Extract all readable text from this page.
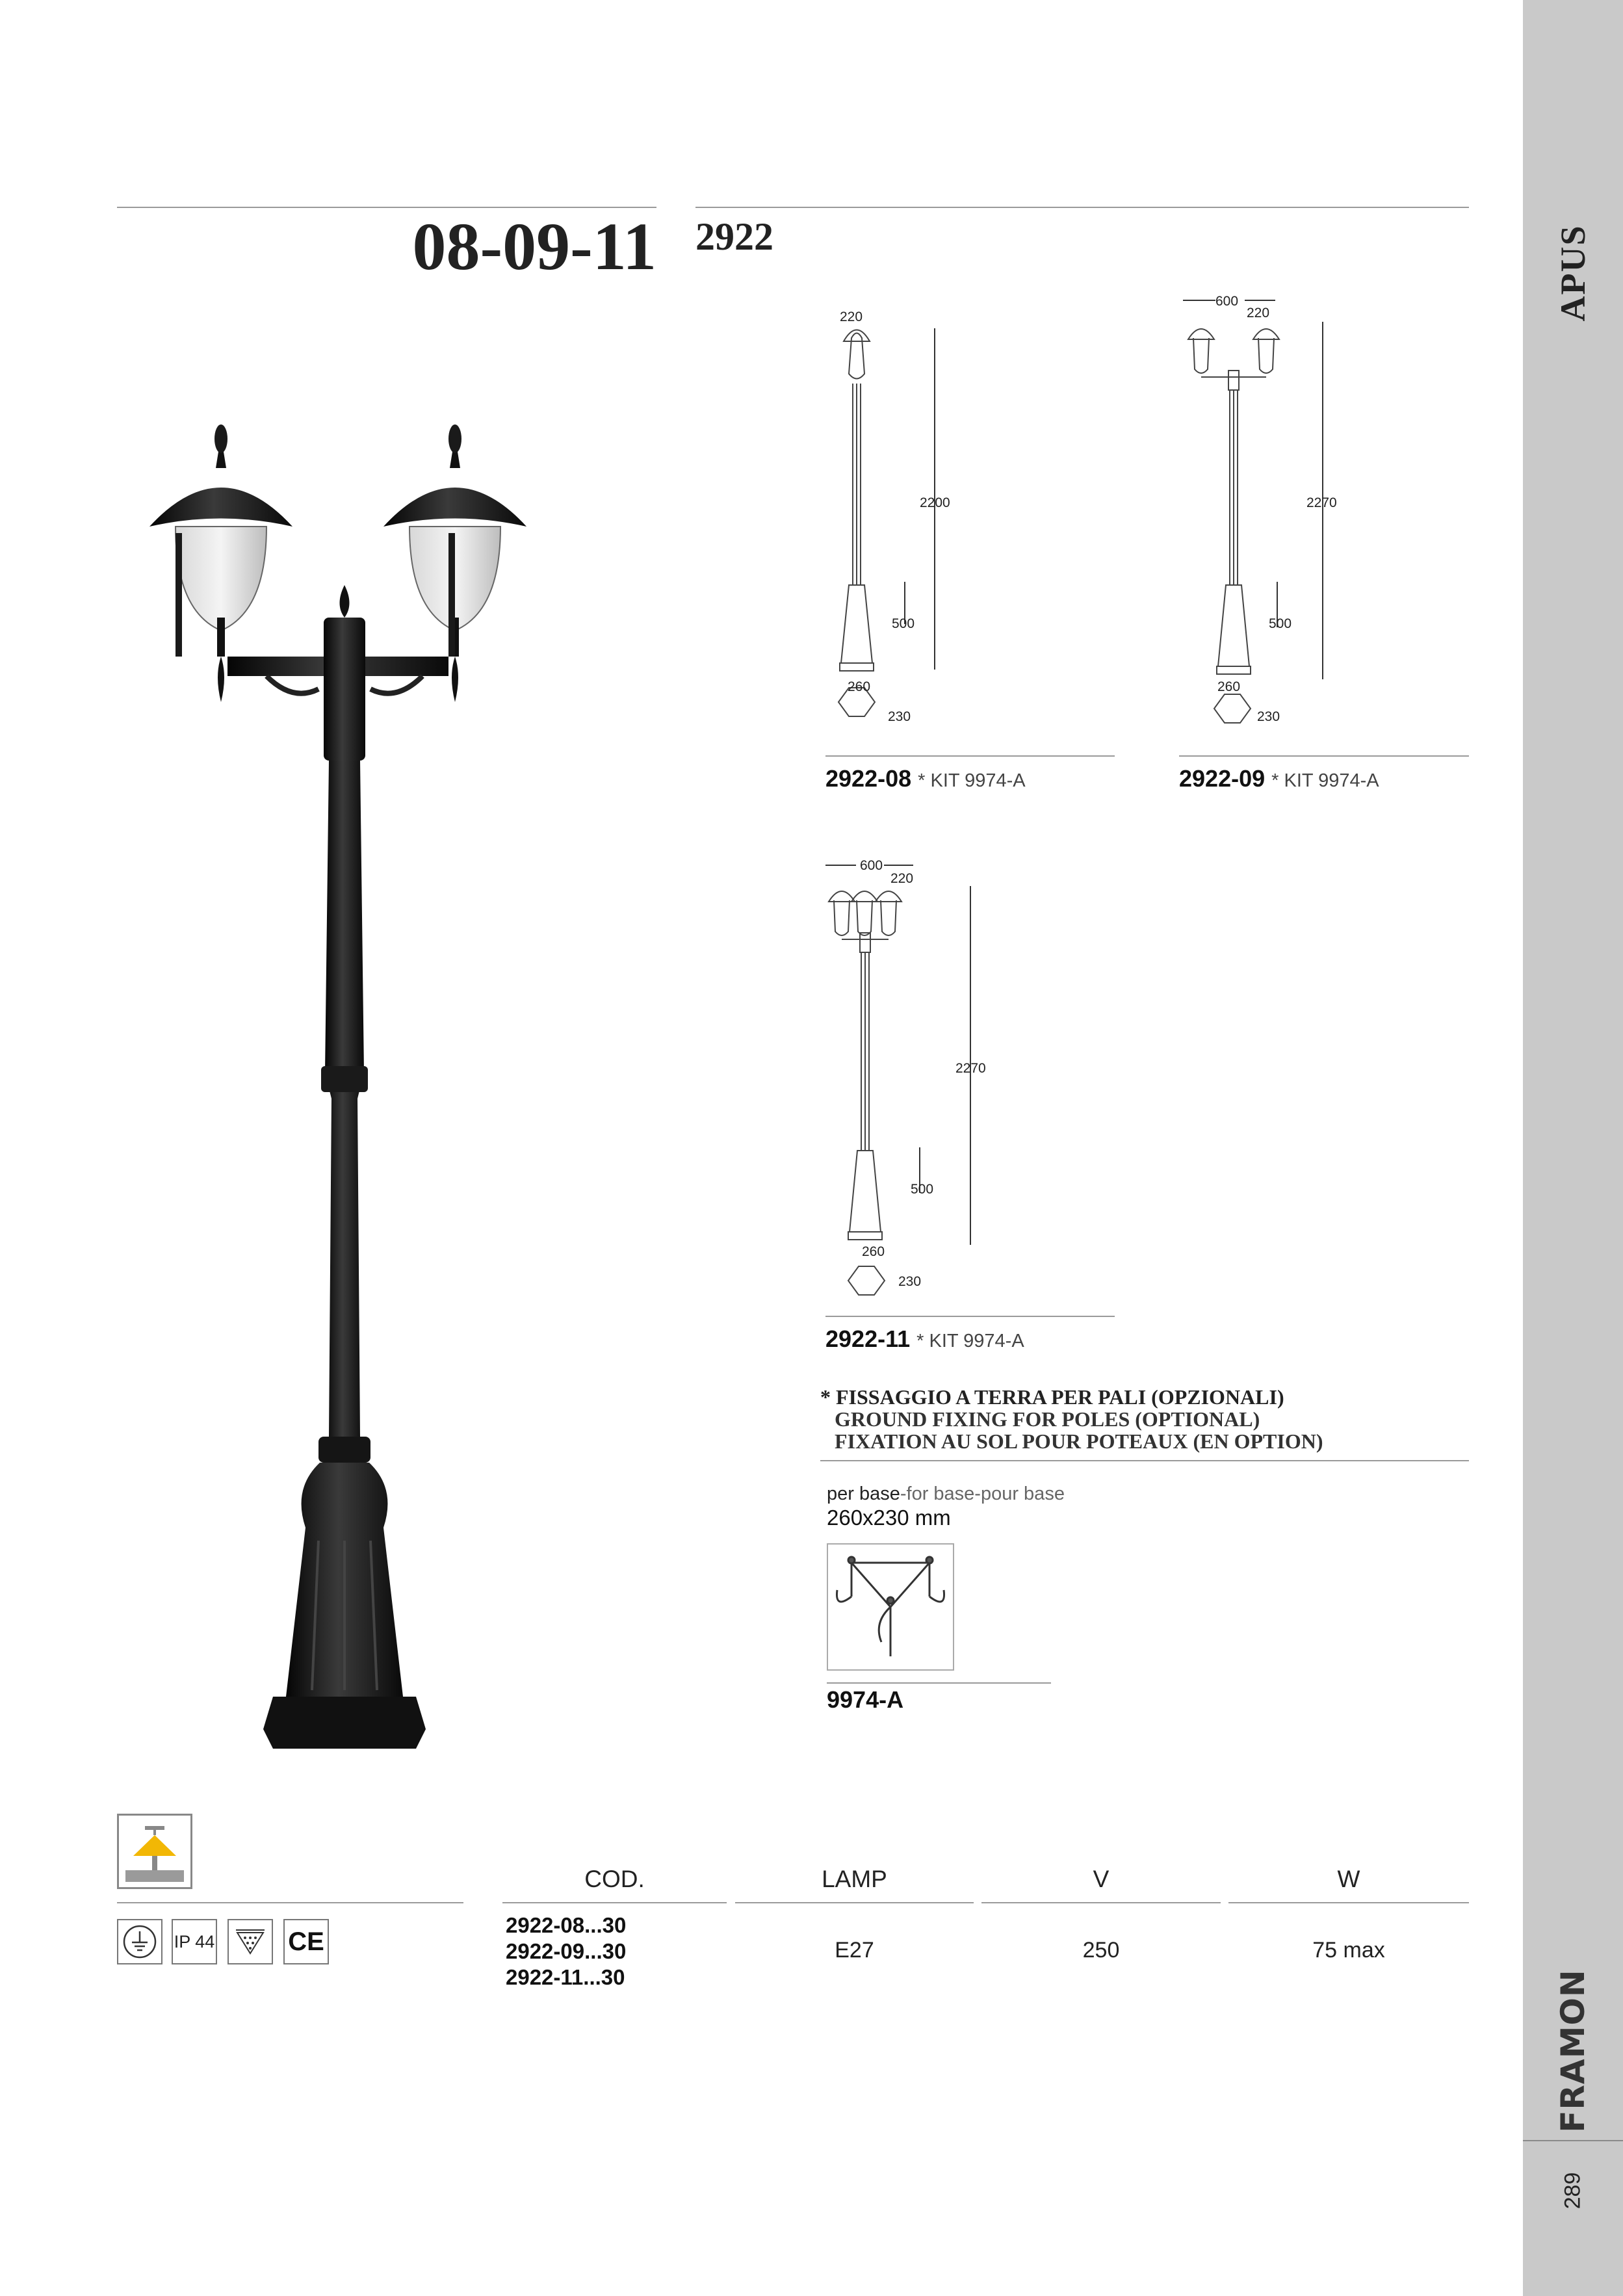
APUS
FRAMON
289
08-09-11 2922
220
2200
500
260
230
600
220
2270
500
260
230
600
220
2270
500
260
230
2922-08 * KIT 9974-A	2922-09 * KIT 9974-A
2922-11 * KIT 9974-A
* FISSAGGIO A TERRA PER PALI (OPZIONALI)
GROUND FIXING FOR POLES (OPTIONAL)
FIXATION AU SOL POUR POTEAUX (EN OPTION)
per base-for base-pour base
260x230 mm
9974-A
IP 44	CE
COD.	LAMP	V	W
2922-08...30
2922-09...30
2922-11...30
E27	250	75 max
